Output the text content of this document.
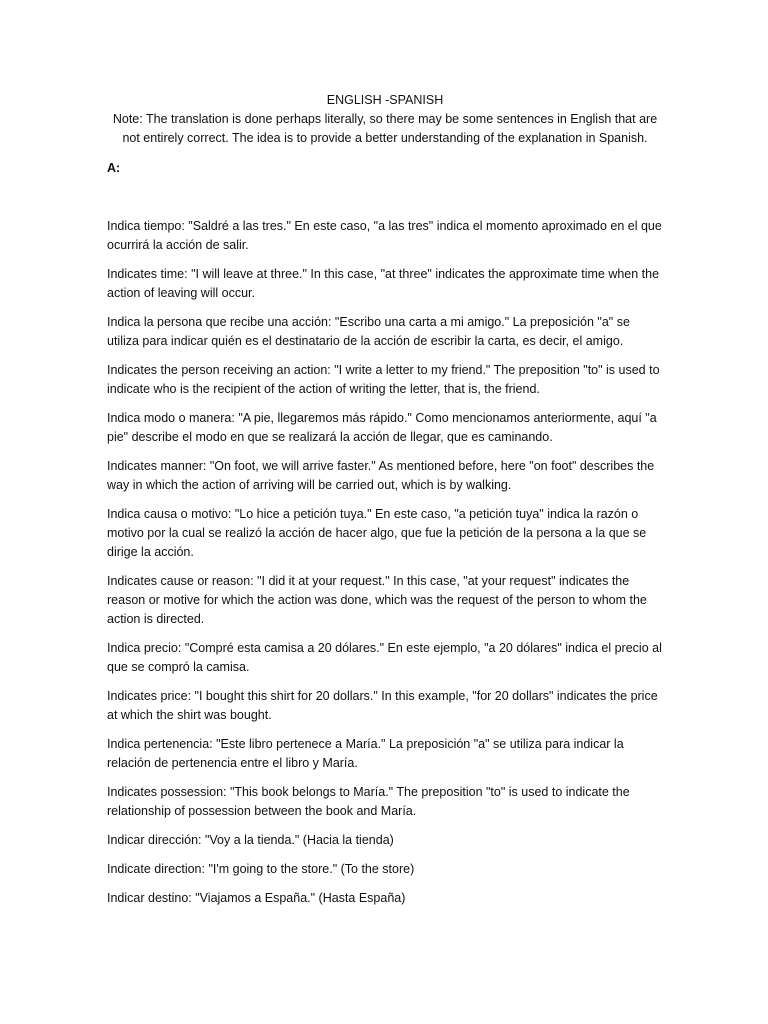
ENGLISH -SPANISH

Note: The translation is done perhaps literally, so there may be some sentences in English that are not entirely correct. The idea is to provide a better understanding of the explanation in Spanish.

A:

Indica tiempo: "Saldré a las tres." En este caso, "a las tres" indica el momento aproximado en el que ocurrirá la acción de salir.

Indicates time: "I will leave at three." In this case, "at three" indicates the approximate time when the action of leaving will occur.

Indica la persona que recibe una acción: "Escribo una carta a mi amigo." La preposición "a" se utiliza para indicar quién es el destinatario de la acción de escribir la carta, es decir, el amigo.

Indicates the person receiving an action: "I write a letter to my friend." The preposition "to" is used to indicate who is the recipient of the action of writing the letter, that is, the friend.

Indica modo o manera: "A pie, llegaremos más rápido." Como mencionamos anteriormente, aquí "a pie" describe el modo en que se realizará la acción de llegar, que es caminando.

Indicates manner: "On foot, we will arrive faster." As mentioned before, here "on foot" describes the way in which the action of arriving will be carried out, which is by walking.

Indica causa o motivo: "Lo hice a petición tuya." En este caso, "a petición tuya" indica la razón o motivo por la cual se realizó la acción de hacer algo, que fue la petición de la persona a la que se dirige la acción.

Indicates cause or reason: "I did it at your request." In this case, "at your request" indicates the reason or motive for which the action was done, which was the request of the person to whom the action is directed.

Indica precio: "Compré esta camisa a 20 dólares." En este ejemplo, "a 20 dólares" indica el precio al que se compró la camisa.

Indicates price: "I bought this shirt for 20 dollars." In this example, "for 20 dollars" indicates the price at which the shirt was bought.

Indica pertenencia: "Este libro pertenece a María." La preposición "a" se utiliza para indicar la relación de pertenencia entre el libro y María.

Indicates possession: "This book belongs to María." The preposition "to" is used to indicate the relationship of possession between the book and María.

Indicar dirección: "Voy a la tienda." (Hacia la tienda)

Indicate direction: "I'm going to the store." (To the store)

Indicar destino: "Viajamos a España." (Hasta España)
